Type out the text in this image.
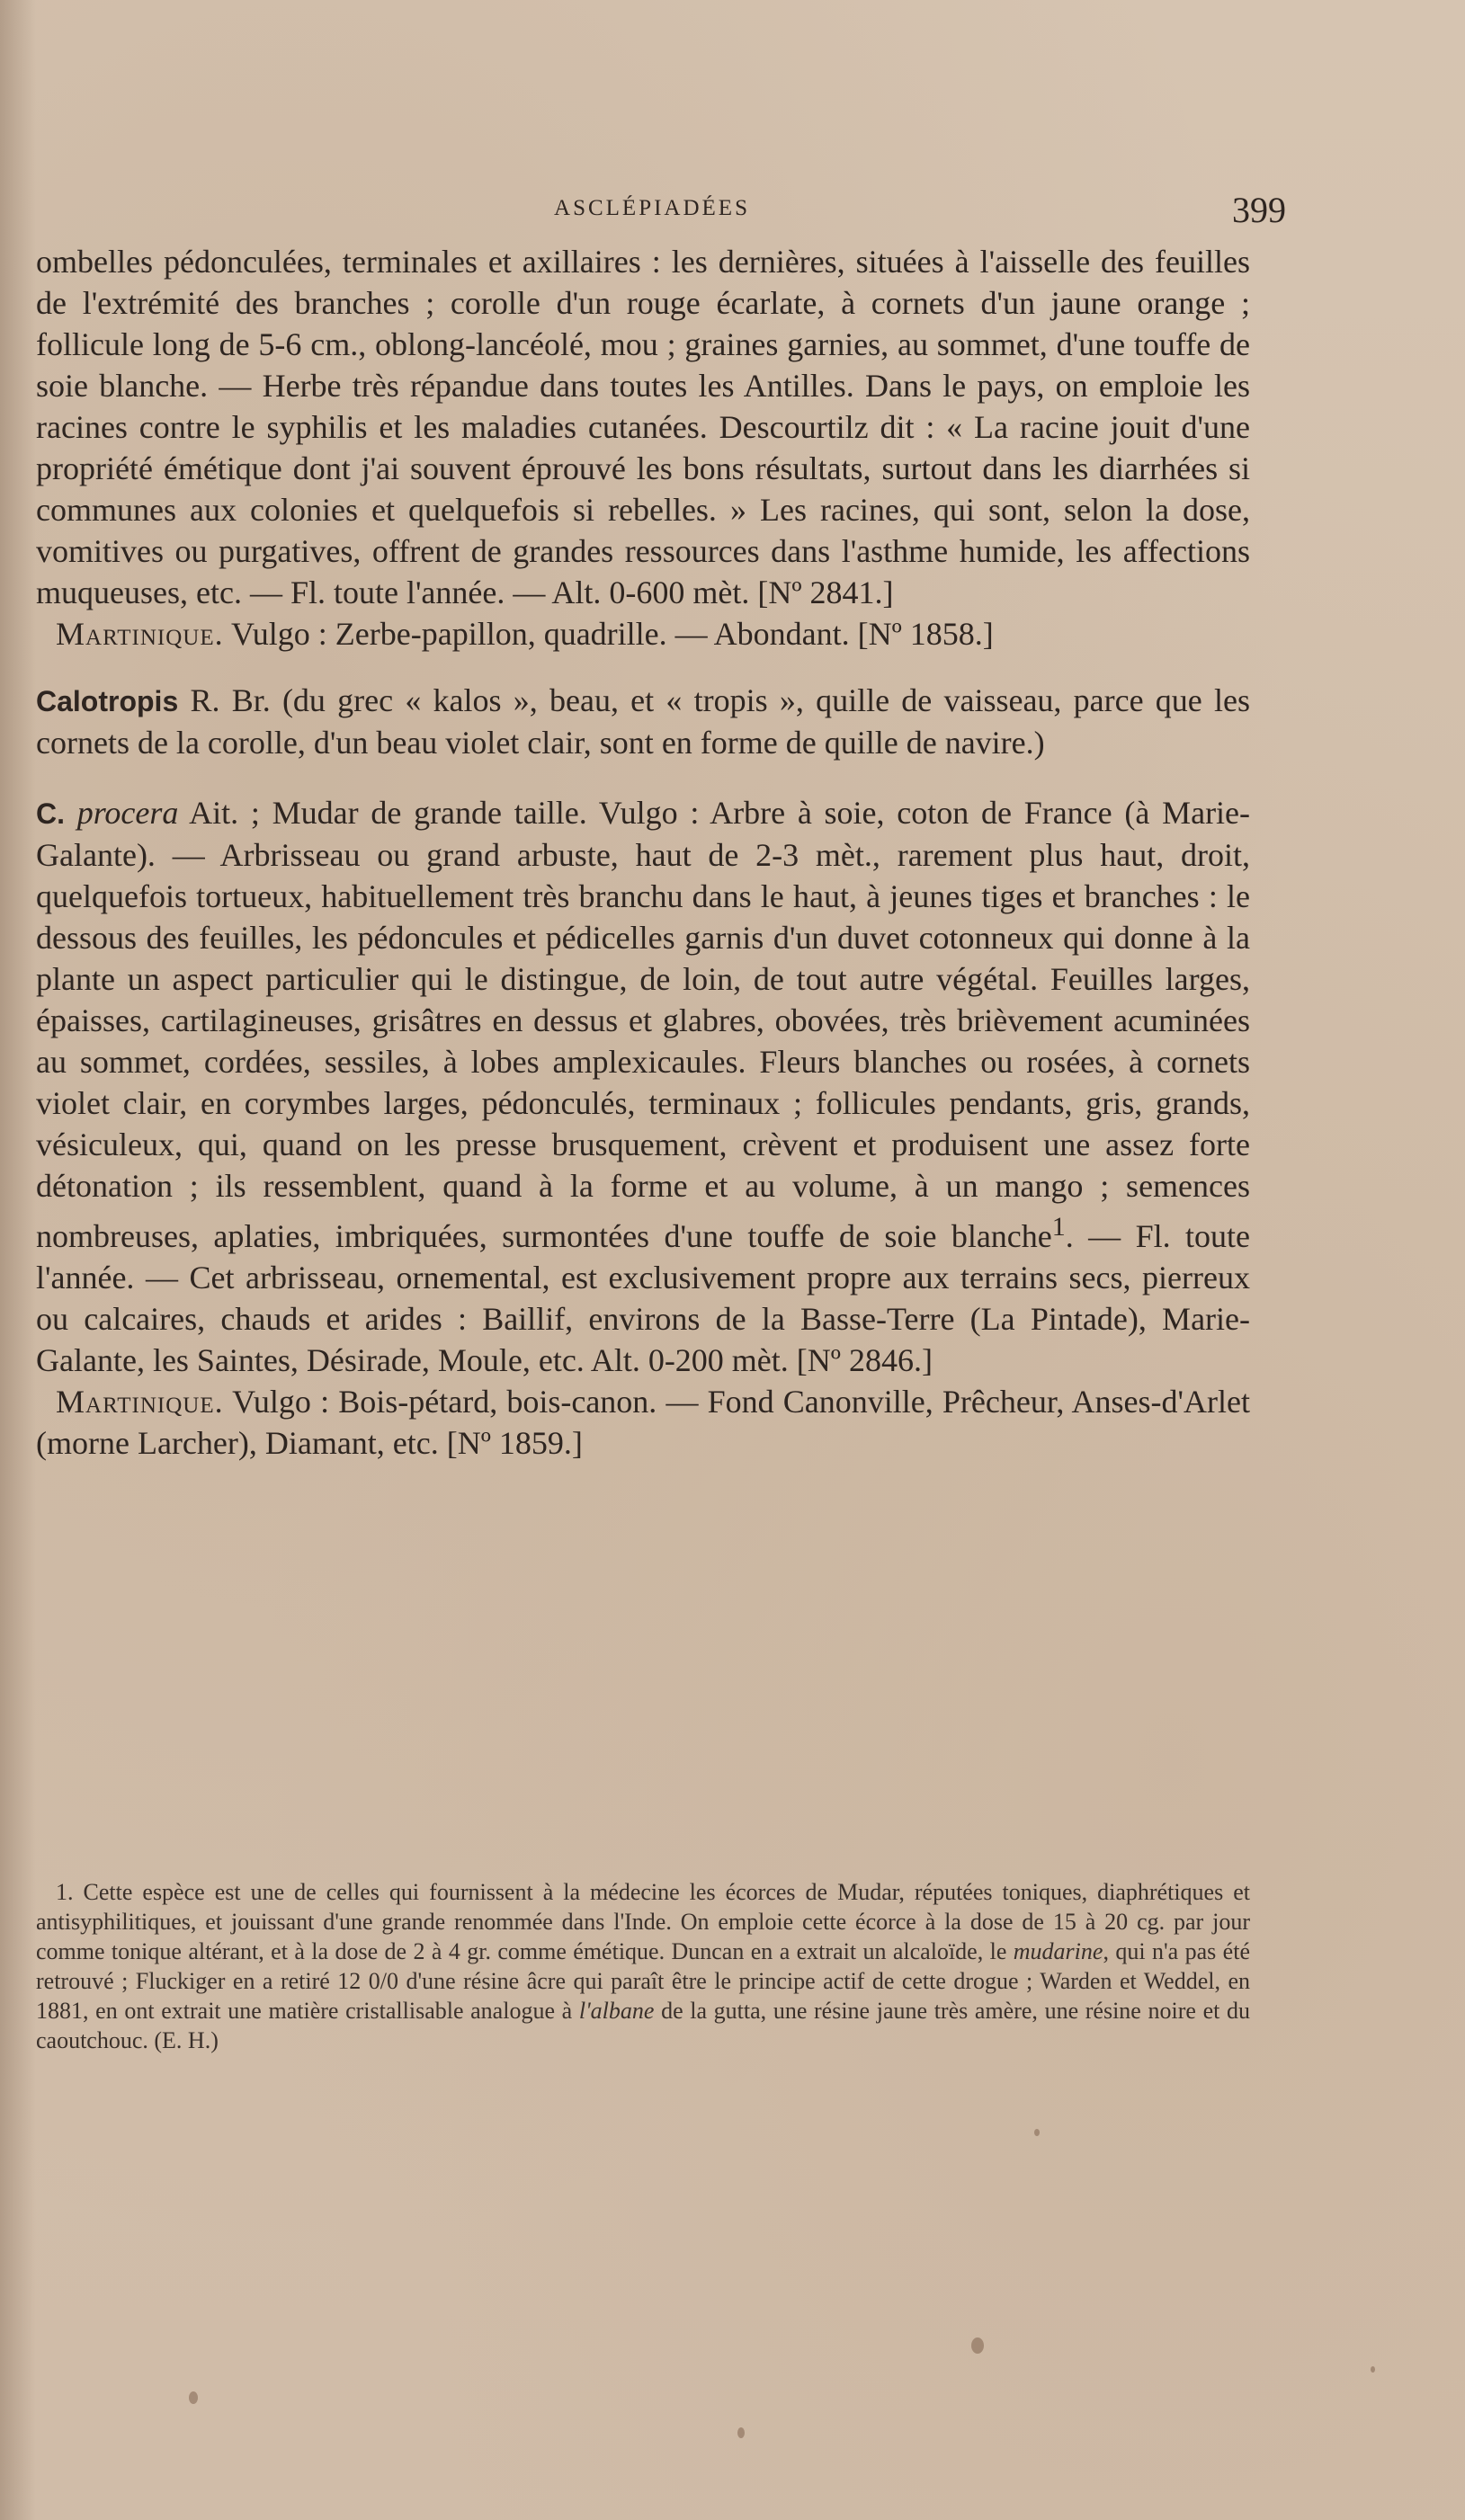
ASCLÉPIADÉES	399

ombelles pédonculées, terminales et axillaires : les dernières, situées à l'aisselle des feuilles de l'extrémité des branches ; corolle d'un rouge écarlate, à cornets d'un jaune orange ; follicule long de 5-6 cm., oblong-lancéolé, mou ; graines garnies, au sommet, d'une touffe de soie blanche. — Herbe très répandue dans toutes les Antilles. Dans le pays, on emploie les racines contre le syphilis et les maladies cutanées. Descourtilz dit : « La racine jouit d'une propriété émétique dont j'ai souvent éprouvé les bons résultats, surtout dans les diarrhées si communes aux colonies et quelquefois si rebelles. » Les racines, qui sont, selon la dose, vomitives ou purgatives, offrent de grandes ressources dans l'asthme humide, les affections muqueuses, etc. — Fl. toute l'année. — Alt. 0-600 mèt. [Nº 2841.]

Martinique. Vulgo : Zerbe-papillon, quadrille. — Abondant. [Nº 1858.]

Calotropis R. Br. (du grec « kalos », beau, et « tropis », quille de vaisseau, parce que les cornets de la corolle, d'un beau violet clair, sont en forme de quille de navire.)

C. procera Ait. ; Mudar de grande taille. Vulgo : Arbre à soie, coton de France (à Marie-Galante). — Arbrisseau ou grand arbuste, haut de 2-3 mèt., rarement plus haut, droit, quelquefois tortueux, habituellement très branchu dans le haut, à jeunes tiges et branches : le dessous des feuilles, les pédoncules et pédicelles garnis d'un duvet cotonneux qui donne à la plante un aspect particulier qui le distingue, de loin, de tout autre végétal. Feuilles larges, épaisses, cartilagineuses, grisâtres en dessus et glabres, obovées, très brièvement acuminées au sommet, cordées, sessiles, à lobes amplexicaules. Fleurs blanches ou rosées, à cornets violet clair, en corymbes larges, pédonculés, terminaux ; follicules pendants, gris, grands, vésiculeux, qui, quand on les presse brusquement, crèvent et produisent une assez forte détonation ; ils ressemblent, quand à la forme et au volume, à un mango ; semences nombreuses, aplaties, imbriquées, surmontées d'une touffe de soie blanche$^1$. — Fl. toute l'année. — Cet arbrisseau, ornemental, est exclusivement propre aux terrains secs, pierreux ou calcaires, chauds et arides : Baillif, environs de la Basse-Terre (La Pintade), Marie-Galante, les Saintes, Désirade, Moule, etc. Alt. 0-200 mèt. [Nº 2846.]

Martinique. Vulgo : Bois-pétard, bois-canon. — Fond Canonville, Prêcheur, Anses-d'Arlet (morne Larcher), Diamant, etc. [Nº 1859.]

1. Cette espèce est une de celles qui fournissent à la médecine les écorces de Mudar, réputées toniques, diaphrétiques et antisyphilitiques, et jouissant d'une grande renommée dans l'Inde. On emploie cette écorce à la dose de 15 à 20 cg. par jour comme tonique altérant, et à la dose de 2 à 4 gr. comme émétique. Duncan en a extrait un alcaloïde, le mudarine, qui n'a pas été retrouvé ; Fluckiger en a retiré 12 0/0 d'une résine âcre qui paraît être le principe actif de cette drogue ; Warden et Weddel, en 1881, en ont extrait une matière cristallisable analogue à l'albane de la gutta, une résine jaune très amère, une résine noire et du caoutchouc. (E. H.)
